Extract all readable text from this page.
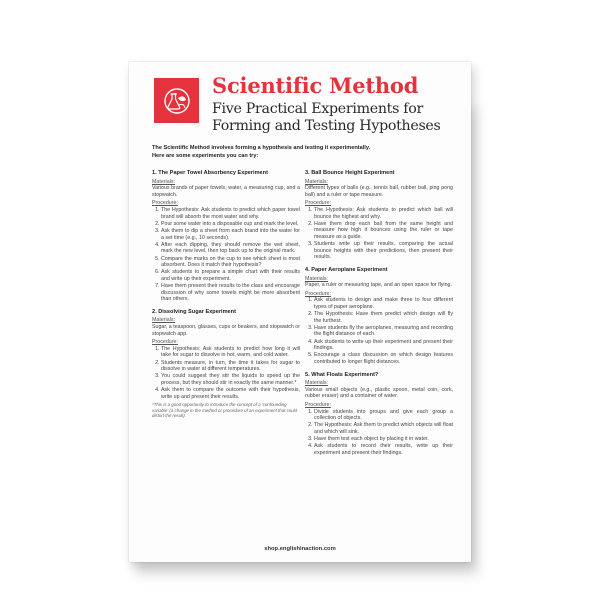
Scientific Method
Five Practical Experiments for
Forming and Testing Hypotheses
The Scientific Method involves forming a hypothesis and testing it experimentally.
Here are some experiments you can try:
1. The Paper Towel Absorbency Experiment
Materials:
Various brands of paper towels, water, a measuring cup, and a stopwatch.
Procedure:
1. The Hypothesis: Ask students to predict which paper towel brand will absorb the most water and why.
2. Pour some water into a disposable cup and mark the level.
3. Ask them to dip a sheet from each brand into the water for a set time (e.g., 10 seconds).
4. After each dipping, they should remove the wet sheet, mark the new level, then top back up to the original mark.
5. Compare the marks on the cup to see which sheet is most absorbent. Does it match their hypothesis?
6. Ask students to prepare a simple chart with their results and write up their experiment.
7. Have them present their results to the class and encourage discussion of why some towels might be more absorbent than others.
2. Dissolving Sugar Experiment
Materials:
Sugar, a teaspoon, glasses, cups or beakers, and stopwatch or stopwatch app.
Procedure:
1. The Hypothesis: Ask students to predict how long it will take for sugar to dissolve in hot, warm, and cold water.
2. Students measure, in turn, the time it takes for sugar to dissolve in water at different temperatures.
3. You could suggest they stir the liquids to speed up the process, but they should stir in exactly the same manner.*
4. Ask them to compare the outcome with their hypothesis, write up and present their results.
*This is a good opportunity to introduce the concept of a 'confounding variable' (a change in the method or procedure of an experiment that could distort the result).
3. Ball Bounce Height Experiment
Materials:
Different types of balls (e.g., tennis ball, rubber ball, ping pong ball) and a ruler or tape measure.
Procedure:
1. The Hypothesis: Ask students to predict which ball will bounce the highest and why.
2. Have them drop each ball from the same height and measure how high it bounces using the ruler or tape measure as a guide.
3. Students write up their results, comparing the actual bounce heights with their predictions, then present their results.
4. Paper Aeroplane Experiment
Materials:
Paper, a ruler or measuring tape, and an open space for flying.
Procedure:
1. Ask students to design and make three to four different types of paper aeroplane.
2. The Hypothesis: Have them predict which design will fly the furthest.
3. Have students fly the aeroplanes, measuring and recording the flight distance of each.
4. Ask students to write up their experiment and present their findings.
5. Encourage a class discussion on which design features contributed to longer flight distances.
5. What Floats Experiment?
Materials:
Various small objects (e.g., plastic spoon, metal coin, cork, rubber eraser) and a container of water.
Procedure:
1. Divide students into groups and give each group a collection of objects.
2. The Hypothesis: Ask them to predict which objects will float and which will sink.
3. Have them test each object by placing it in water.
4. Ask students to record their results, write up their experiment and present their findings.
shop.englishinaction.com
